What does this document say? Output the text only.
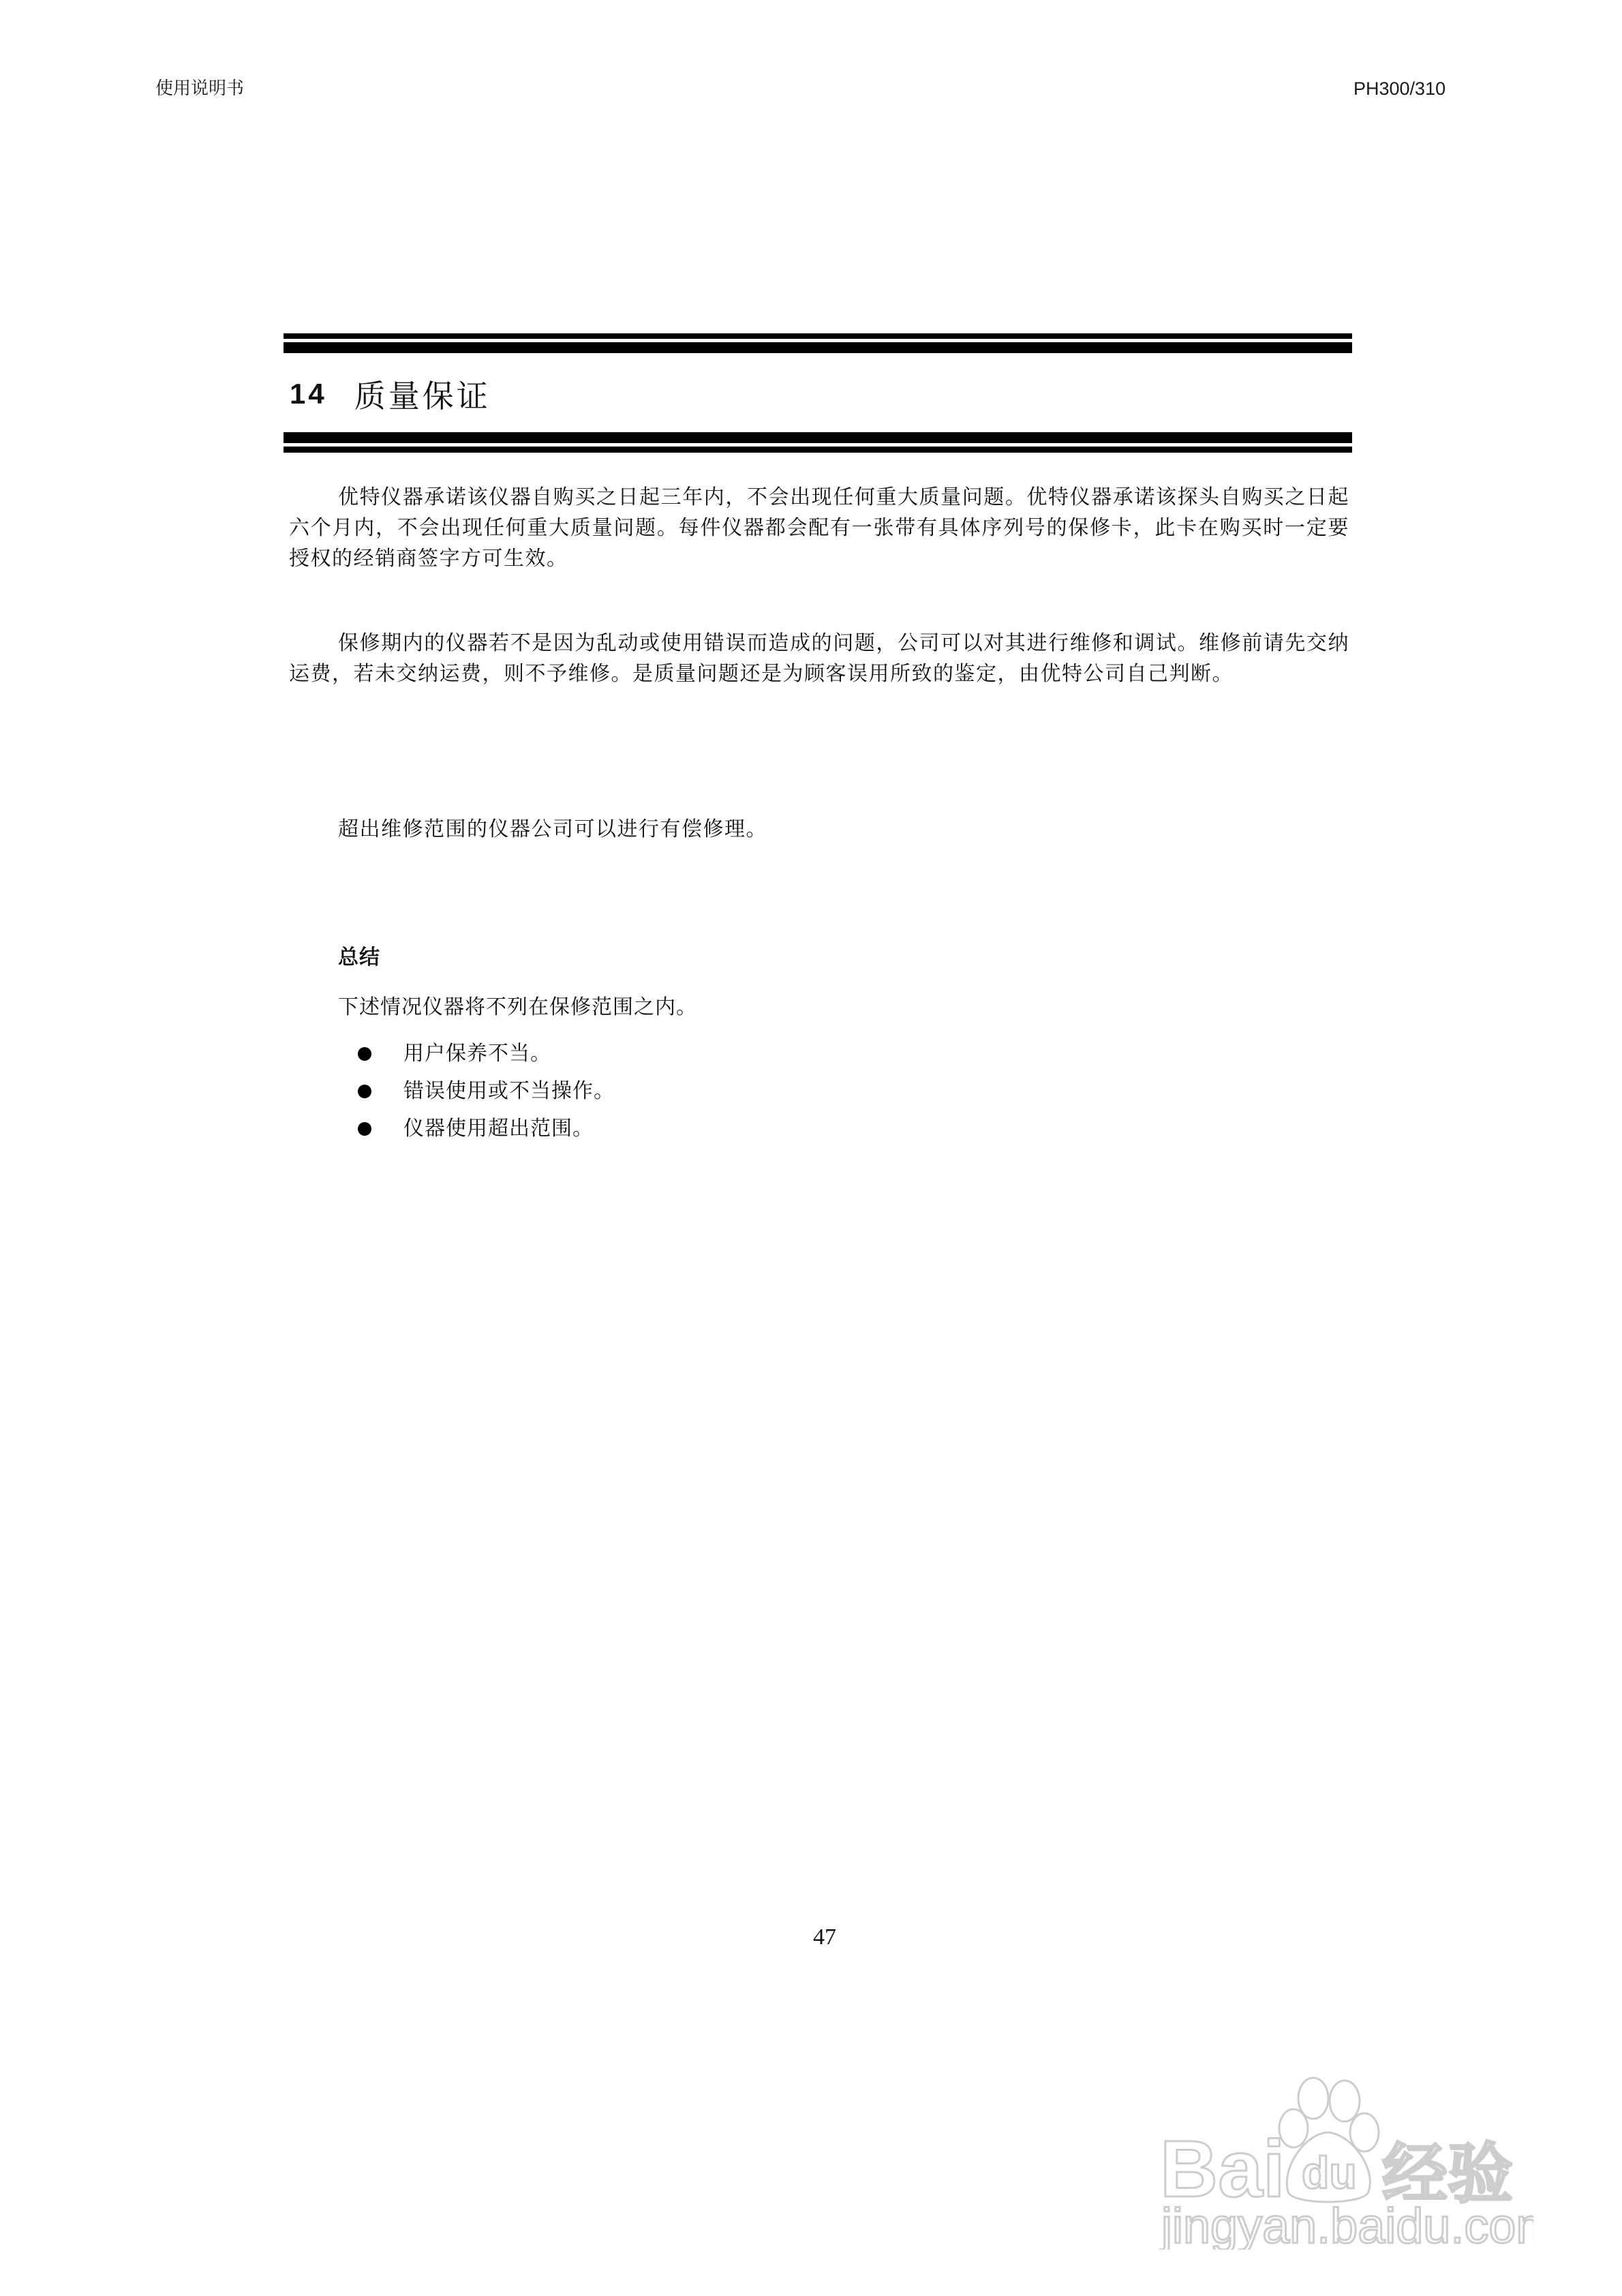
使用说明书	PH300/310
14 质量保证

优特仪器承诺该仪器自购买之日起三年内，不会出现任何重大质量问题。优特仪器承诺该探头自购买之日起六个月内，不会出现任何重大质量问题。每件仪器都会配有一张带有具体序列号的保修卡，此卡在购买时一定要授权的经销商签字方可生效。

保修期内的仪器若不是因为乱动或使用错误而造成的问题，公司可以对其进行维修和调试。维修前请先交纳运费，若未交纳运费，则不予维修。是质量问题还是为顾客误用所致的鉴定，由优特公司自己判断。

超出维修范围的仪器公司可以进行有偿修理。
总结
下述情况仪器将不列在保修范围之内。
用户保养不当。
错误使用或不当操作。
仪器使用超出范围。
47
Bai du 经验
jingyan.baidu.com
